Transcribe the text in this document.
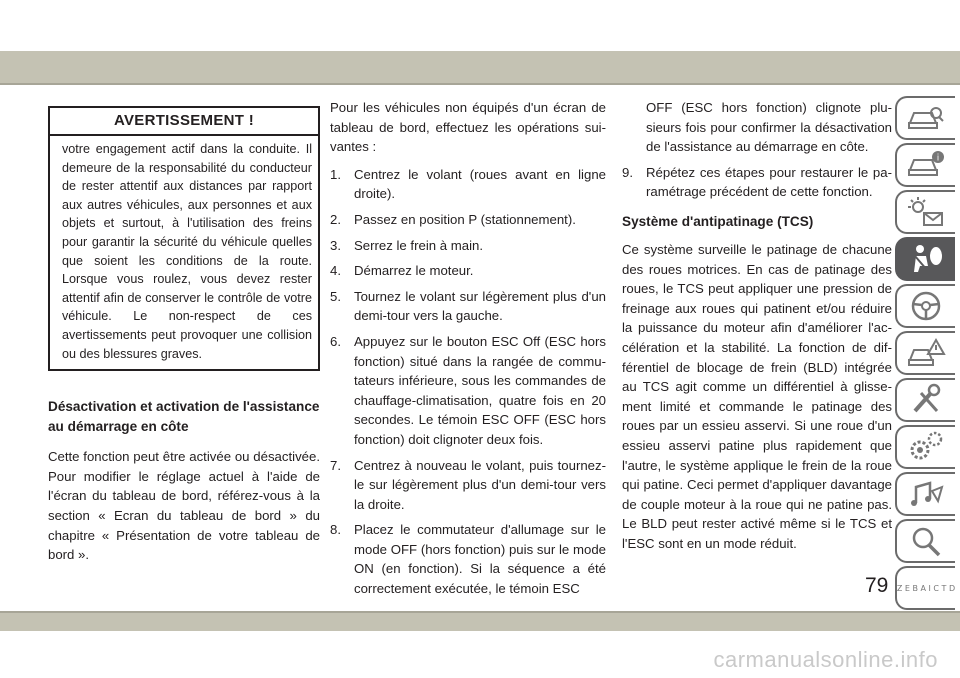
AVERTISSEMENT !
votre engagement actif dans la conduite. Il demeure de la responsabilité du conducteur de rester attentif aux distances par rapport aux autres véhicules, aux personnes et aux objets et surtout, à l'utilisation des freins pour garantir la sécurité du véhicule quelles que soient les conditions de la route. Lorsque vous roulez, vous devez rester attentif afin de conserver le contrôle de votre véhicule. Le non-respect de ces avertissements peut provoquer une collision ou des blessures graves.
Désactivation et activation de l'assistance au démarrage en côte
Cette fonction peut être activée ou désactivée. Pour modifier le réglage actuel à l'aide de l'écran du tableau de bord, référez-vous à la section « Ecran du tableau de bord » du chapitre « Présentation de votre tableau de bord ».
Pour les véhicules non équipés d'un écran de tableau de bord, effectuez les opérations suivantes :
1. Centrez le volant (roues avant en ligne droite).
2. Passez en position P (stationnement).
3. Serrez le frein à main.
4. Démarrez le moteur.
5. Tournez le volant sur légèrement plus d'un demi-tour vers la gauche.
6. Appuyez sur le bouton ESC Off (ESC hors fonction) situé dans la rangée de commutateurs inférieure, sous les commandes de chauffage-climatisation, quatre fois en 20 secondes. Le témoin ESC OFF (ESC hors fonction) doit clignoter deux fois.
7. Centrez à nouveau le volant, puis tournez-le sur légèrement plus d'un demi-tour vers la droite.
8. Placez le commutateur d'allumage sur le mode OFF (hors fonction) puis sur le mode ON (en fonction). Si la séquence a été correctement exécutée, le témoin ESC
OFF (ESC hors fonction) clignote plusieurs fois pour confirmer la désactivation de l'assistance au démarrage en côte.
9. Répétez ces étapes pour restaurer le paramétrage précédent de cette fonction.
Système d'antipatinage (TCS)
Ce système surveille le patinage de chacune des roues motrices. En cas de patinage des roues, le TCS peut appliquer une pression de freinage aux roues qui patinent et/ou réduire la puissance du moteur afin d'améliorer l'accélération et la stabilité. La fonction de différentiel de blocage de frein (BLD) intégrée au TCS agit comme un différentiel à glissement limité et commande le patinage des roues par un essieu asservi. Si une roue d'un essieu asservi patine plus rapidement que l'autre, le système applique le frein de la roue qui patine. Ceci permet d'appliquer davantage de couple moteur à la roue qui ne patine pas. Le BLD peut rester activé même si le TCS et l'ESC sont en un mode réduit.
i
Z E B A I C T D
79
carmanualsonline.info
